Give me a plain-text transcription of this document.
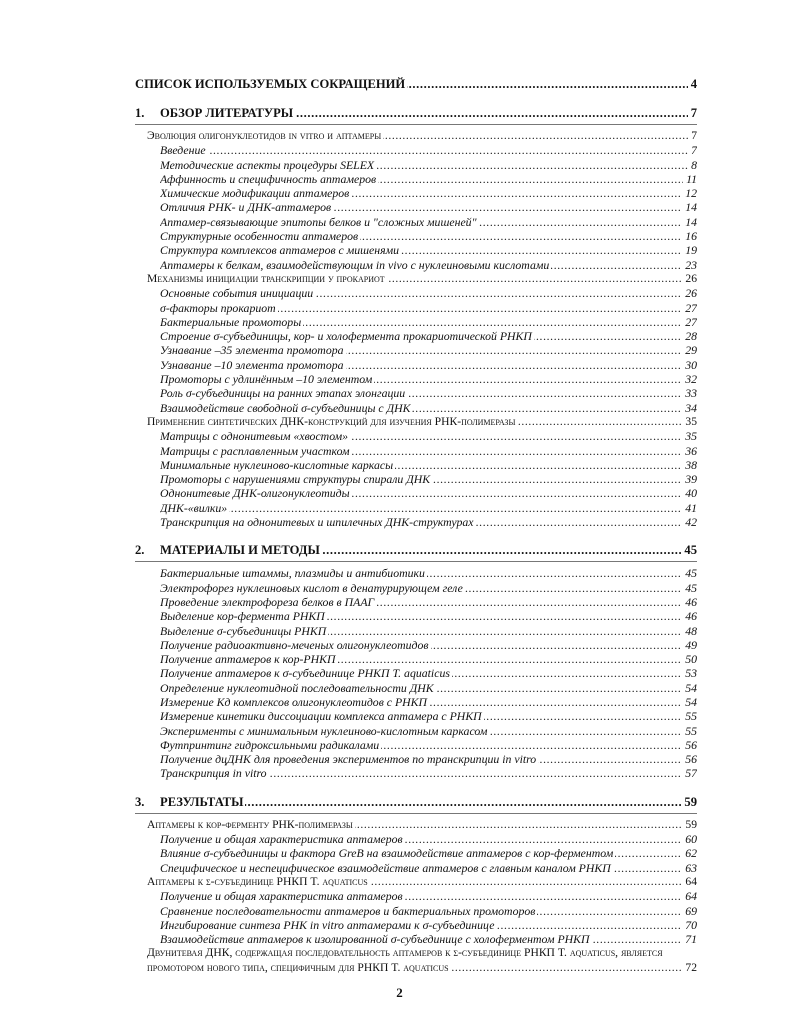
..... СПИСОК ИСПОЛЬЗУЕМЫХ СОКРАЩЕНИЙ	4
..... 1. ОБЗОР ЛИТЕРАТУРЫ	7
..... Эволюция олигонуклеотидов in vitro и аптамеры	7
..... Введение	7
..... Методические аспекты процедуры SELEX	8
..... Аффинность и специфичность аптамеров	11
..... Химические модификации аптамеров	12
..... Отличия РНК- и ДНК-аптамеров	14
..... Аптамер-связывающие эпитопы белков и "сложных мишеней"	14
..... Структурные особенности аптамеров	16
..... Структура комплексов аптамеров с мишенями	19
..... Аптамеры к белкам, взаимодействующим in vivo с нуклеиновыми кислотами	23
..... Механизмы инициации транскрипции у прокариот	26
..... Основные события инициации	26
..... σ-факторы прокариот	27
..... Бактериальные промоторы	27
..... Строение σ-субъединицы, кор- и холофермента прокариотической РНКП	28
..... Узнавание –35 элемента промотора	29
..... Узнавание –10 элемента промотора	30
..... Промоторы с удлинённым –10 элементом	32
..... Роль σ-субъединицы на ранних этапах элонгации	33
..... Взаимодействие свободной σ-субъединицы с ДНК	34
..... Применение синтетических ДНК-конструкций для изучения РНК-полимеразы	35
..... Матрицы с однонитевым «хвостом»	35
..... Матрицы с расплавленным участком	36
..... Минимальные нуклеиново-кислотные каркасы	38
..... Промоторы с нарушениями структуры спирали ДНК	39
..... Однонитевые ДНК-олигонуклеотиды	40
..... ДНК-«вилки»	41
..... Транскрипция на однонитевых и шпилечных ДНК-структурах	42
..... 2. МАТЕРИАЛЫ И МЕТОДЫ	45
..... Бактериальные штаммы, плазмиды и антибиотики	45
..... Электрофорез нуклеиновых кислот в денатурирующем геле	45
..... Проведение электрофореза белков в ПААГ	46
..... Выделение кор-фермента РНКП	46
..... Выделение σ-субъединицы РНКП	48
..... Получение радиоактивно-меченых олигонуклеотидов	49
..... Получение аптамеров к кор-РНКП	50
..... Получение аптамеров к σ-субъединице РНКП T. aquaticus	53
..... Определение нуклеотидной последовательности ДНК	54
..... Измерение Кд комплексов олигонуклеотидов с РНКП	54
..... Измерение кинетики диссоциации комплекса аптамера с РНКП	55
..... Эксперименты с минимальным нуклеиново-кислотным каркасом	55
..... Футпринтинг гидроксильными радикалами	56
..... Получение дцДНК для проведения экспериментов по транскрипции in vitro	56
..... Транскрипция in vitro	57
..... 3. РЕЗУЛЬТАТЫ	59
..... Аптамеры к кор-ферменту РНК-полимеразы	59
..... Получение и общая характеристика аптамеров	60
..... Влияние σ-субъединицы и фактора GreB на взаимодействие аптамеров с кор-ферментом	62
..... Специфическое и неспецифическое взаимодействие аптамеров с главным каналом РНКП	63
..... Аптамеры к σ-субъединице РНКП T. aquaticus	64
..... Получение и общая характеристика аптамеров	64
..... Сравнение последовательности аптамеров и бактериальных промоторов	69
..... Ингибирование синтеза РНК in vitro аптамерами к σ-субъединице	70
..... Взаимодействие аптамеров к изолированной σ-субъединице с холоферментом РНКП	71
..... Двунитевая ДНК, содержащая последовательность аптамеров к σ-субъединице РНКП T. aquaticus, является промотором нового типа, специфичным для РНКП T. aquaticus	72
2
